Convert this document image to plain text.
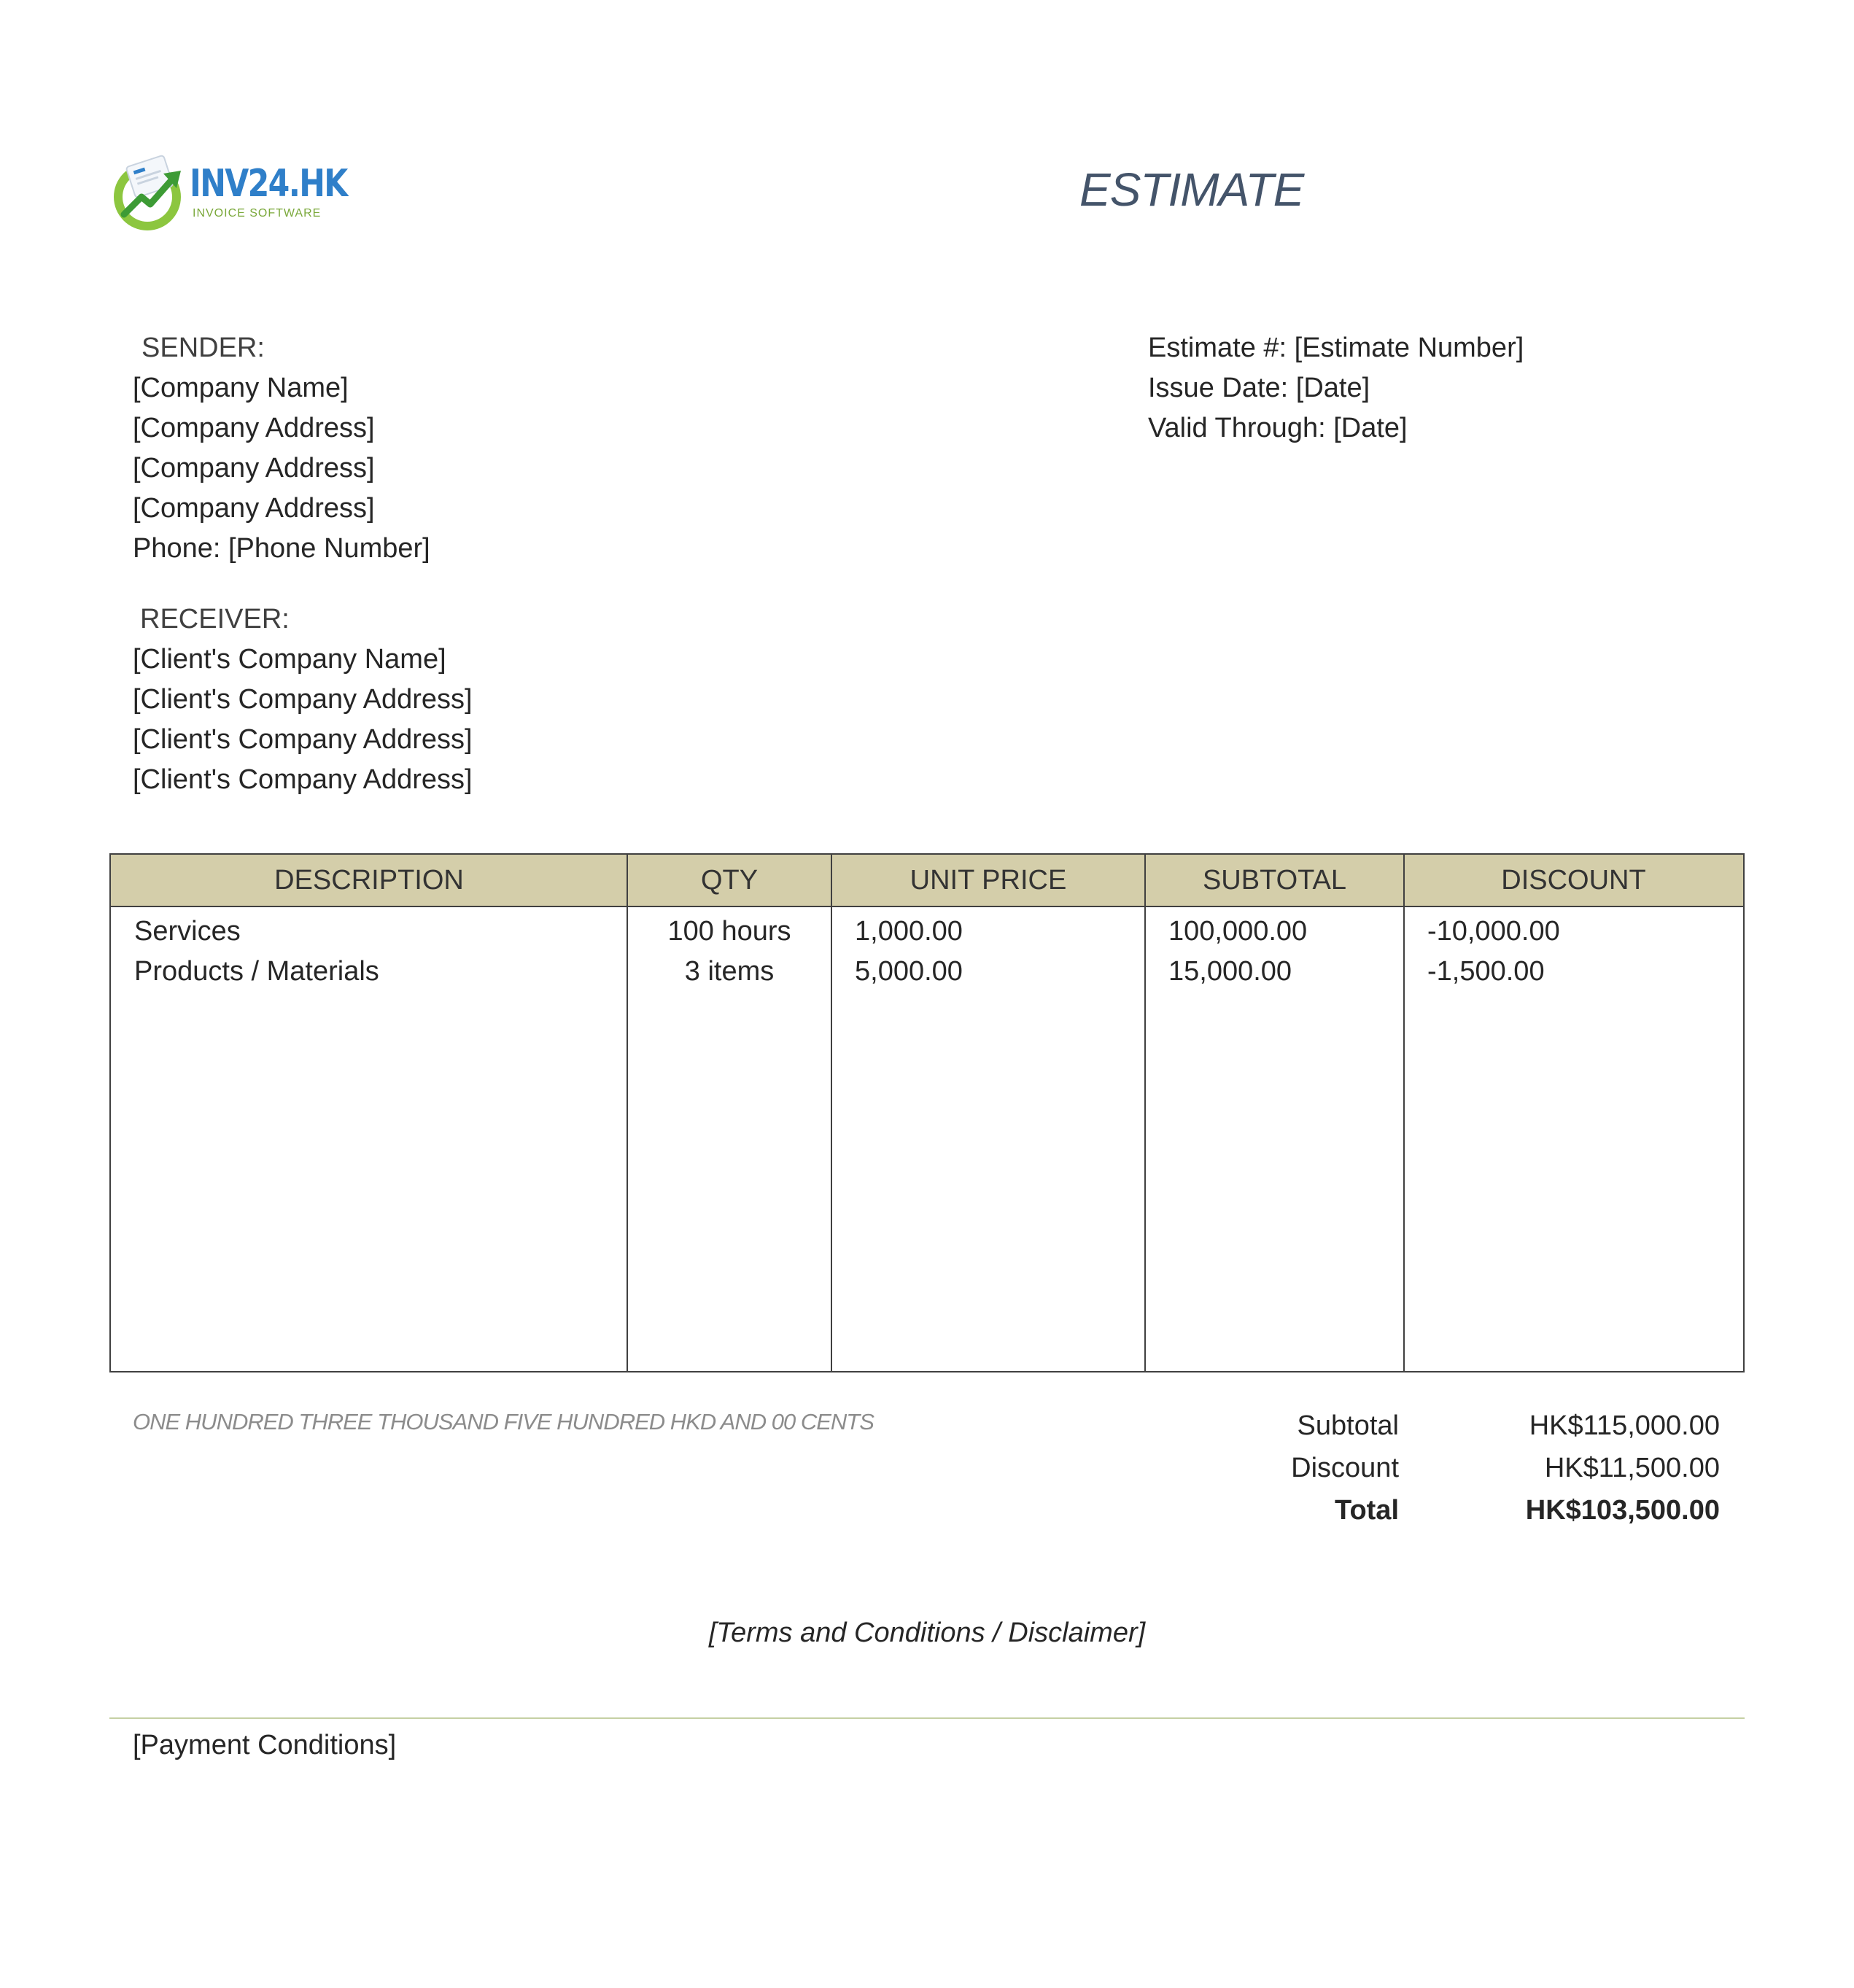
INV24.HK
INVOICE SOFTWARE	ESTIMATE
SENDER:
[Company Name]
[Company Address]
[Company Address]
[Company Address]
Phone: [Phone Number]
RECEIVER:
[Client's Company Name]
[Client's Company Address]
[Client's Company Address]
[Client's Company Address]
Estimate #: [Estimate Number]
Issue Date: [Date]
Valid Through: [Date]
DESCRIPTION	QTY	UNIT PRICE	SUBTOTAL	DISCOUNT
Services	100 hours	1,000.00	100,000.00	-10,000.00
Products / Materials	3 items	5,000.00	15,000.00	-1,500.00
ONE HUNDRED THREE THOUSAND FIVE HUNDRED HKD AND 00 CENTS	Subtotal	HK$115,000.00
Discount	HK$11,500.00
Total	HK$103,500.00
[Terms and Conditions / Disclaimer]
[Payment Conditions]
